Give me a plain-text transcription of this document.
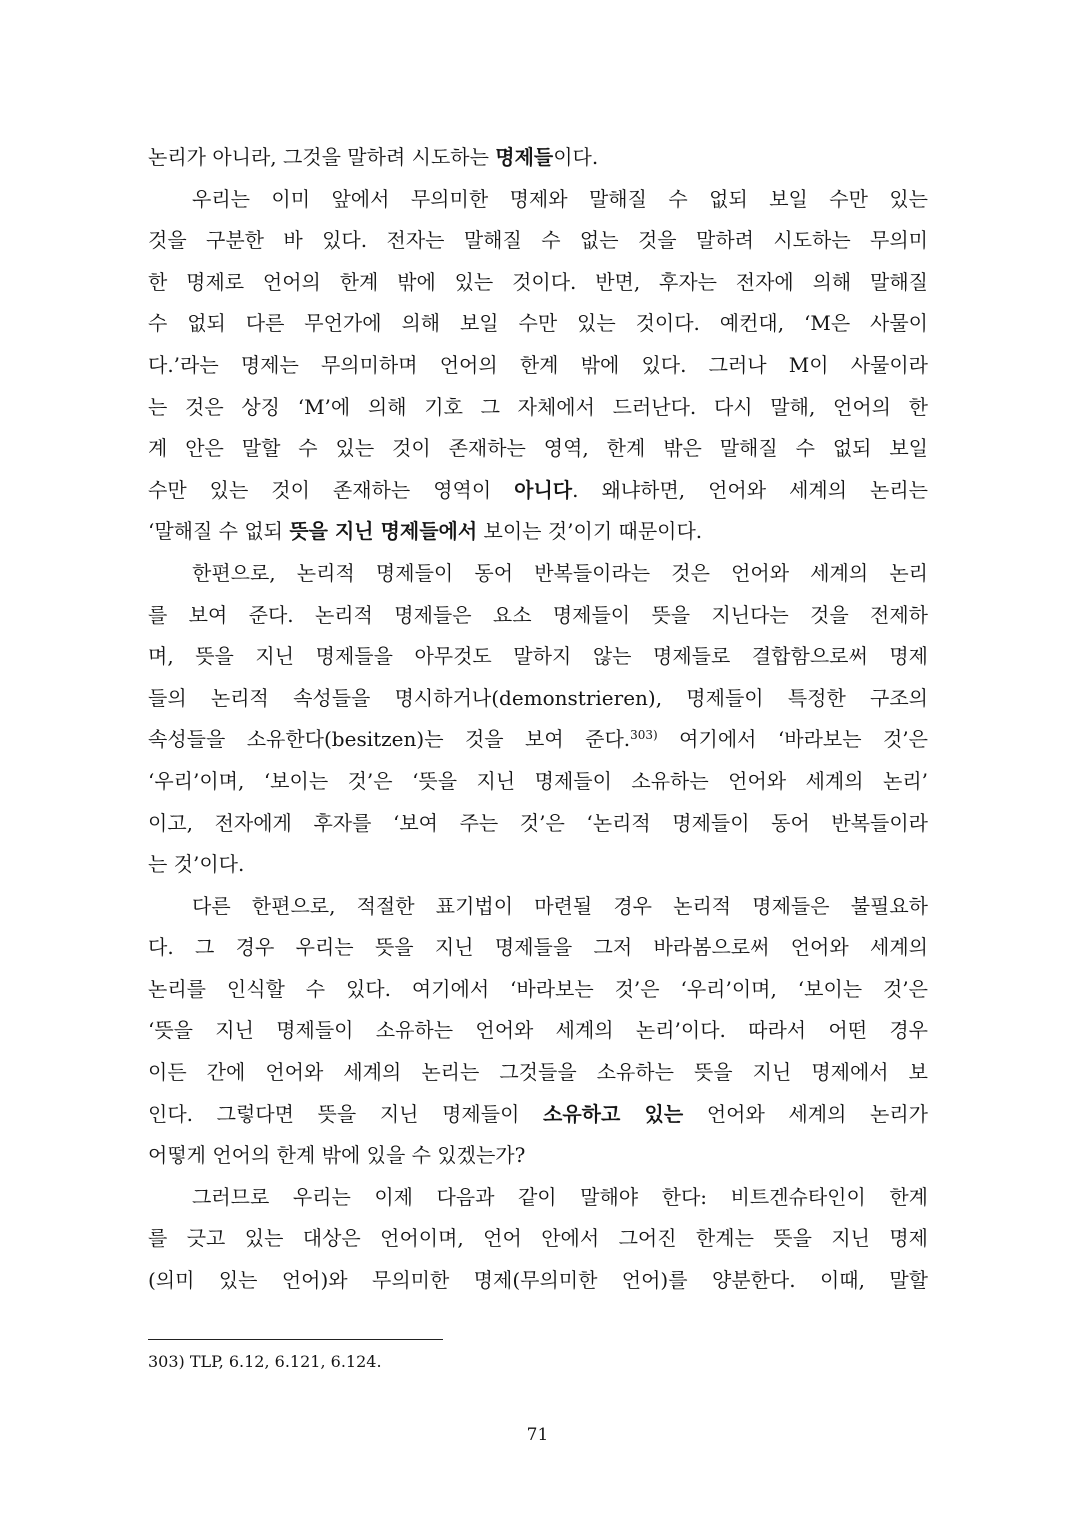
논리가 아니라, 그것을 말하려 시도하는 명제들이다.
우리는 이미 앞에서 무의미한 명제와 말해질 수 없되 보일 수만 있는
것을 구분한 바 있다. 전자는 말해질 수 없는 것을 말하려 시도하는 무의미
한 명제로 언어의 한계 밖에 있는 것이다. 반면, 후자는 전자에 의해 말해질
수 없되 다른 무언가에 의해 보일 수만 있는 것이다. 예컨대, ‘M은 사물이
다.’라는 명제는 무의미하며 언어의 한계 밖에 있다. 그러나 M이 사물이라
는 것은 상징 ‘M’에 의해 기호 그 자체에서 드러난다. 다시 말해, 언어의 한
계 안은 말할 수 있는 것이 존재하는 영역, 한계 밖은 말해질 수 없되 보일
수만 있는 것이 존재하는 영역이 아니다. 왜냐하면, 언어와 세계의 논리는
‘말해질 수 없되 뜻을 지닌 명제들에서 보이는 것’이기 때문이다.
한편으로, 논리적 명제들이 동어 반복들이라는 것은 언어와 세계의 논리
를 보여 준다. 논리적 명제들은 요소 명제들이 뜻을 지닌다는 것을 전제하
며, 뜻을 지닌 명제들을 아무것도 말하지 않는 명제들로 결합함으로써 명제
들의 논리적 속성들을 명시하거나(demonstrieren), 명제들이 특정한 구조의
속성들을 소유한다(besitzen)는 것을 보여 준다.$^{303)}$ 여기에서 ‘바라보는 것’은
‘우리’이며, ‘보이는 것’은 ‘뜻을 지닌 명제들이 소유하는 언어와 세계의 논리’
이고, 전자에게 후자를 ‘보여 주는 것’은 ‘논리적 명제들이 동어 반복들이라
는 것’이다.
다른 한편으로, 적절한 표기법이 마련될 경우 논리적 명제들은 불필요하
다. 그 경우 우리는 뜻을 지닌 명제들을 그저 바라봄으로써 언어와 세계의
논리를 인식할 수 있다. 여기에서 ‘바라보는 것’은 ‘우리’이며, ‘보이는 것’은
‘뜻을 지닌 명제들이 소유하는 언어와 세계의 논리’이다. 따라서 어떤 경우
이든 간에 언어와 세계의 논리는 그것들을 소유하는 뜻을 지닌 명제에서 보
인다. 그렇다면 뜻을 지닌 명제들이 소유하고 있는 언어와 세계의 논리가
어떻게 언어의 한계 밖에 있을 수 있겠는가?
그러므로 우리는 이제 다음과 같이 말해야 한다: 비트겐슈타인이 한계
를 긋고 있는 대상은 언어이며, 언어 안에서 그어진 한계는 뜻을 지닌 명제
(의미 있는 언어)와 무의미한 명제(무의미한 언어)를 양분한다. 이때, 말할
303) TLP, 6.12, 6.121, 6.124.
71
